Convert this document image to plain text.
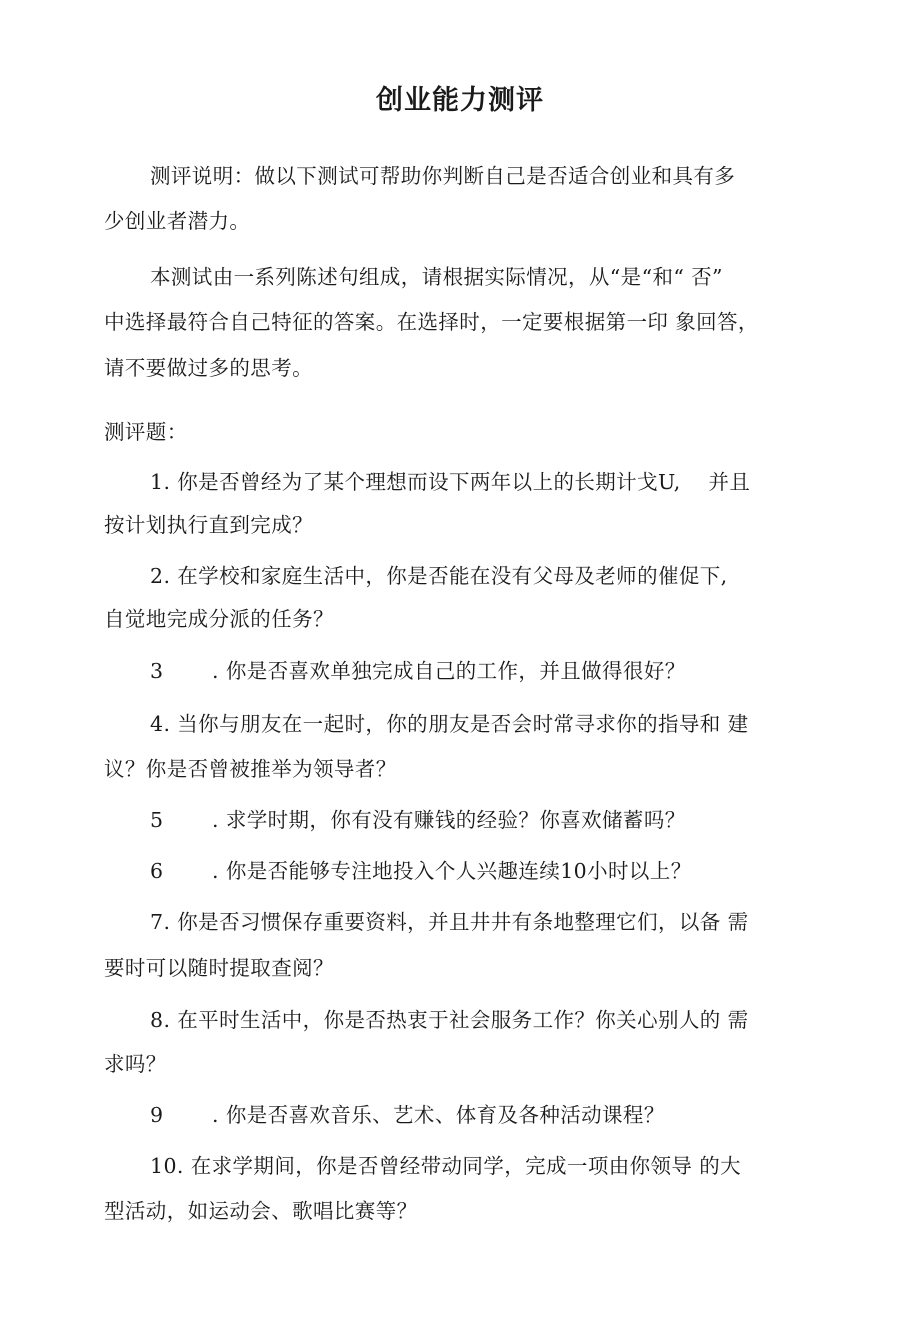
创业能力测评
测评说明：做以下测试可帮助你判断自己是否适合创业和具有多
少创业者潜力。
本测试由一系列陈述句组成，请根据实际情况，从“是“和“ 否”
中选择最符合自己特征的答案。在选择时，一定要根据第一印 象回答，
请不要做过多的思考。
测评题：
1. 你是否曾经为了某个理想而设下两年以上的长期计戈U,　 并且
按计划执行直到完成？
2. 在学校和家庭生活中，你是否能在没有父母及老师的催促下,
自觉地完成分派的任务？
3 . 你是否喜欢单独完成自己的工作，并且做得很好？
4. 当你与朋友在一起时，你的朋友是否会时常寻求你的指导和 建
议？你是否曾被推举为领导者？
5 . 求学时期，你有没有赚钱的经验？你喜欢储蓄吗？
6 . 你是否能够专注地投入个人兴趣连续10小时以上？
7. 你是否习惯保存重要资料，并且井井有条地整理它们，以备 需
要时可以随时提取查阅？
8. 在平时生活中，你是否热衷于社会服务工作？你关心别人的 需
求吗？
9 . 你是否喜欢音乐、艺术、体育及各种活动课程？
10. 在求学期间，你是否曾经带动同学，完成一项由你领导 的大
型活动，如运动会、歌唱比赛等？
